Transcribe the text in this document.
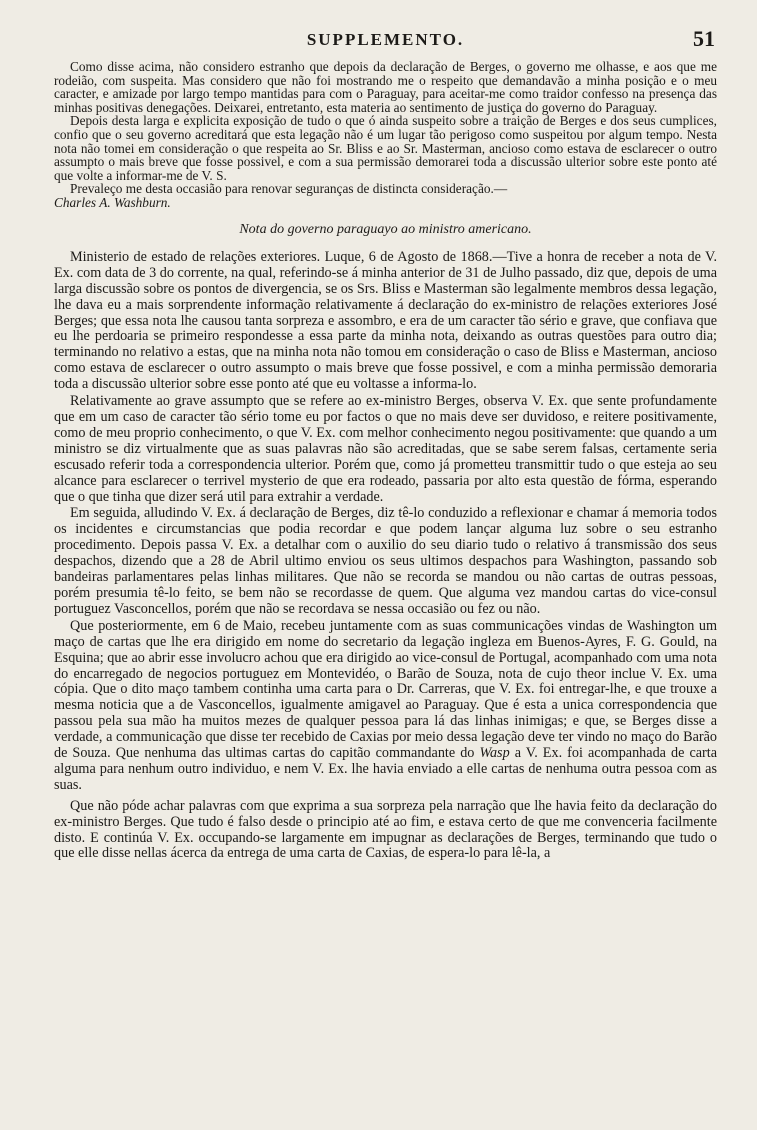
SUPPLEMENTO.	51

Como disse acima, não considero estranho que depois da declaração de Berges, o governo me olhasse, e aos que me rodeião, com suspeita. Mas considero que não foi mostrando me o respeito que demandavão a minha posição e o meu caracter, e amizade por largo tempo mantidas para com o Paraguay, para aceitar-me como traidor confesso na presença das minhas positivas denegações. Deixarei, entretanto, esta materia ao sentimento de justiça do governo do Paraguay.

Depois desta larga e explicita exposição de tudo o que ó ainda suspeito sobre a traição de Berges e dos seus cumplices, confio que o seu governo acreditará que esta legação não é um lugar tão perigoso como suspeitou por algum tempo. Nesta nota não tomei em consideração o que respeita ao Sr. Bliss e ao Sr. Masterman, ancioso como estava de esclarecer o outro assumpto o mais breve que fosse possivel, e com a sua permissão demorarei toda a discussão ulterior sobre este ponto até que volte a informar-me de V. S.

Prevaleço me desta occasião para renovar seguranças de distincta consideração.—

Charles A. Washburn.

Nota do governo paraguayo ao ministro americano.

Ministerio de estado de relações exteriores. Luque, 6 de Agosto de 1868.—Tive a honra de receber a nota de V. Ex. com data de 3 do corrente, na qual, referindo-se á minha anterior de 31 de Julho passado, diz que, depois de uma larga discussão sobre os pontos de divergencia, se os Srs. Bliss e Masterman são legalmente membros dessa legação, lhe dava eu a mais sorprendente informação relativamente á declaração do ex-ministro de relações exteriores José Berges; que essa nota lhe causou tanta sorpreza e assombro, e era de um caracter tão sério e grave, que confiava que eu lhe perdoaria se primeiro respondesse a essa parte da minha nota, deixando as outras questões para outro dia; terminando no relativo a estas, que na minha nota não tomou em consideração o caso de Bliss e Masterman, ancioso como estava de esclarecer o outro assumpto o mais breve que fosse possivel, e com a minha permissão demoraria toda a discussão ulterior sobre esse ponto até que eu voltasse a informa-lo.

Relativamente ao grave assumpto que se refere ao ex-ministro Berges, observa V. Ex. que sente profundamente que em um caso de caracter tão sério tome eu por factos o que no mais deve ser duvidoso, e reitere positivamente, como de meu proprio conhecimento, o que V. Ex. com melhor conhecimento negou positivamente: que quando a um ministro se diz virtualmente que as suas palavras não são acreditadas, que se sabe serem falsas, certamente seria escusado referir toda a correspondencia ulterior. Porém que, como já prometteu transmittir tudo o que esteja ao seu alcance para esclarecer o terrivel mysterio de que era rodeado, passaria por alto esta questão de fórma, esperando que o que tinha que dizer será util para extrahir a verdade.

Em seguida, alludindo V. Ex. á declaração de Berges, diz tê-lo conduzido a reflexionar e chamar á memoria todos os incidentes e circumstancias que podia recordar e que podem lançar alguma luz sobre o seu estranho procedimento. Depois passa V. Ex. a detalhar com o auxilio do seu diario tudo o relativo á transmissão dos seus despachos, dizendo que a 28 de Abril ultimo enviou os seus ultimos despachos para Washington, passando sob bandeiras parlamentares pelas linhas militares. Que não se recorda se mandou ou não cartas de outras pessoas, porém presumia tê-lo feito, se bem não se recordasse de quem. Que alguma vez mandou cartas do vice-consul portuguez Vasconcellos, porém que não se recordava se nessa occasião ou fez ou não.

Que posteriormente, em 6 de Maio, recebeu juntamente com as suas communicações vindas de Washington um maço de cartas que lhe era dirigido em nome do secretario da legação ingleza em Buenos-Ayres, F. G. Gould, na Esquina; que ao abrir esse involucro achou que era dirigido ao vice-consul de Portugal, acompanhado com uma nota do encarregado de negocios portuguez em Montevidéo, o Barão de Souza, nota de cujo theor inclue V. Ex. uma cópia. Que o dito maço tambem continha uma carta para o Dr. Carreras, que V. Ex. foi entregar-lhe, e que trouxe a mesma noticia que a de Vasconcellos, igualmente amigavel ao Paraguay. Que é esta a unica correspondencia que passou pela sua mão ha muitos mezes de qualquer pessoa para lá das linhas inimigas; e que, se Berges disse a verdade, a communicação que disse ter recebido de Caxias por meio dessa legação deve ter vindo no maço do Barão de Souza. Que nenhuma das ultimas cartas do capitão commandante do Wasp a V. Ex. foi acompanhada de carta alguma para nenhum outro individuo, e nem V. Ex. lhe havia enviado a elle cartas de nenhuma outra pessoa com as suas.

Que não póde achar palavras com que exprima a sua sorpreza pela narração que lhe havia feito da declaração do ex-ministro Berges. Que tudo é falso desde o principio até ao fim, e estava certo de que me convenceria facilmente disto. E continúa V. Ex. occupando-se largamente em impugnar as declarações de Berges, terminando que tudo o que elle disse nellas ácerca da entrega de uma carta de Caxias, de espera-lo para lê-la, a
